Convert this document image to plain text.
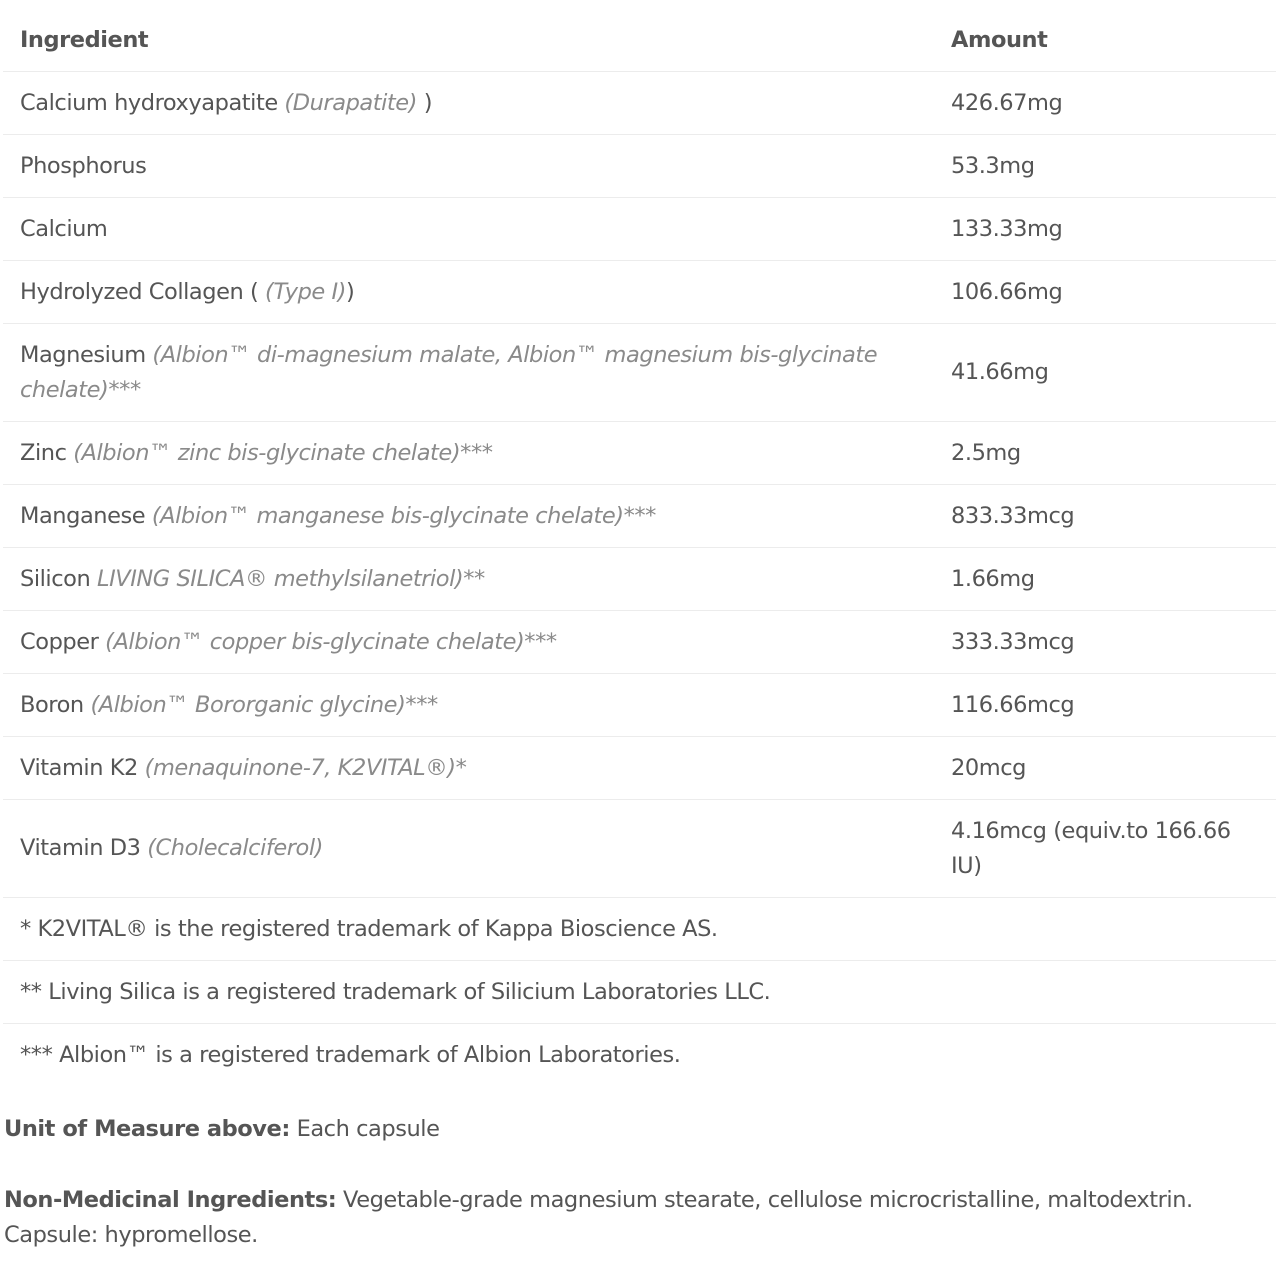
Ingredient	Amount
Calcium hydroxyapatite (Durapatite) )	426.67mg
Phosphorus	53.3mg
Calcium	133.33mg
Hydrolyzed Collagen ( (Type I))	106.66mg
Magnesium (Albion™ di-magnesium malate, Albion™ magnesium bis-glycinate chelate)***	41.66mg
Zinc (Albion™ zinc bis-glycinate chelate)***	2.5mg
Manganese (Albion™ manganese bis-glycinate chelate)***	833.33mcg
Silicon LIVING SILICA® methylsilanetriol)**	1.66mg
Copper (Albion™ copper bis-glycinate chelate)***	333.33mcg
Boron (Albion™ Bororganic glycine)***	116.66mcg
Vitamin K2 (menaquinone-7, K2VITAL®)*	20mcg
Vitamin D3 (Cholecalciferol)	4.16mcg (equiv.to 166.66 IU)
* K2VITAL® is the registered trademark of Kappa Bioscience AS.	
** Living Silica is a registered trademark of Silicium Laboratories LLC.	
*** Albion™ is a registered trademark of Albion Laboratories.	

Unit of Measure above: Each capsule

Non-Medicinal Ingredients: Vegetable-grade magnesium stearate, cellulose microcristalline, maltodextrin. Capsule: hypromellose.
